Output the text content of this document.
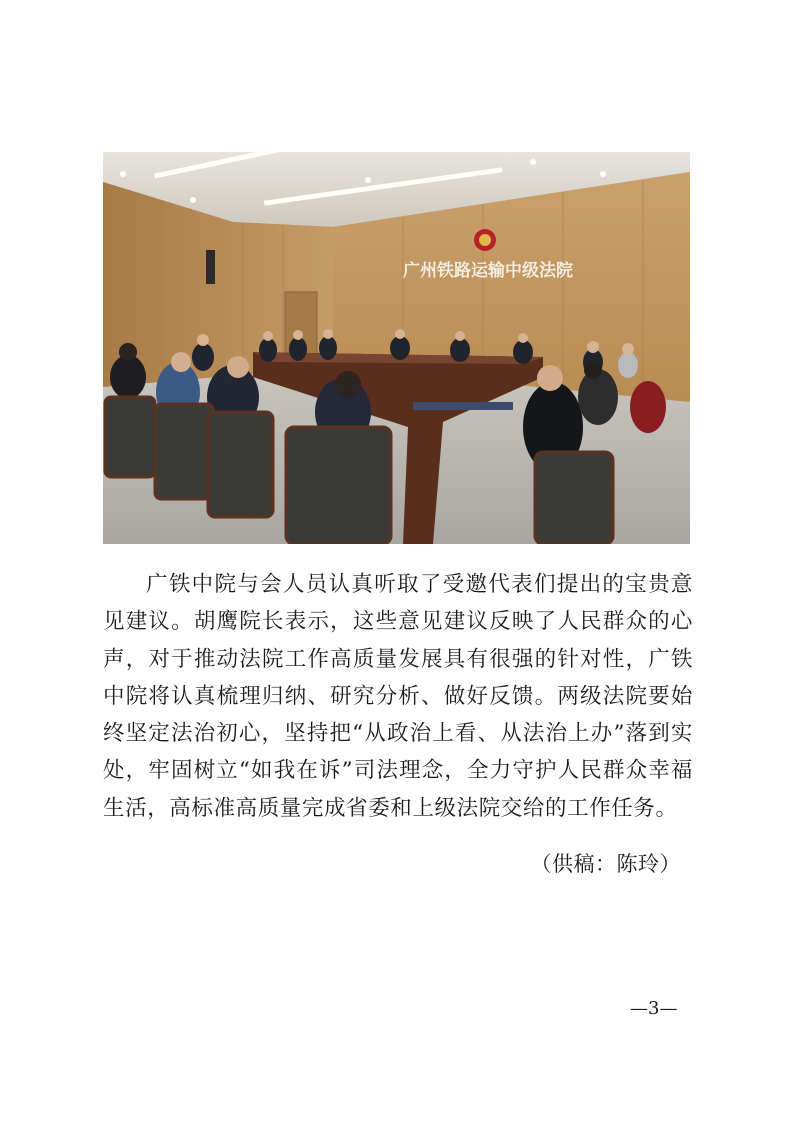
广州铁路运输中级法院

广铁中院与会人员认真听取了受邀代表们提出的宝贵意见建议。胡鹰院长表示，这些意见建议反映了人民群众的心声，对于推动法院工作高质量发展具有很强的针对性，广铁中院将认真梳理归纳、研究分析、做好反馈。两级法院要始终坚定法治初心，坚持把“从政治上看、从法治上办”落到实处，牢固树立“如我在诉”司法理念，全力守护人民群众幸福生活，高标准高质量完成省委和上级法院交给的工作任务。

（供稿：陈玲）

—3—
